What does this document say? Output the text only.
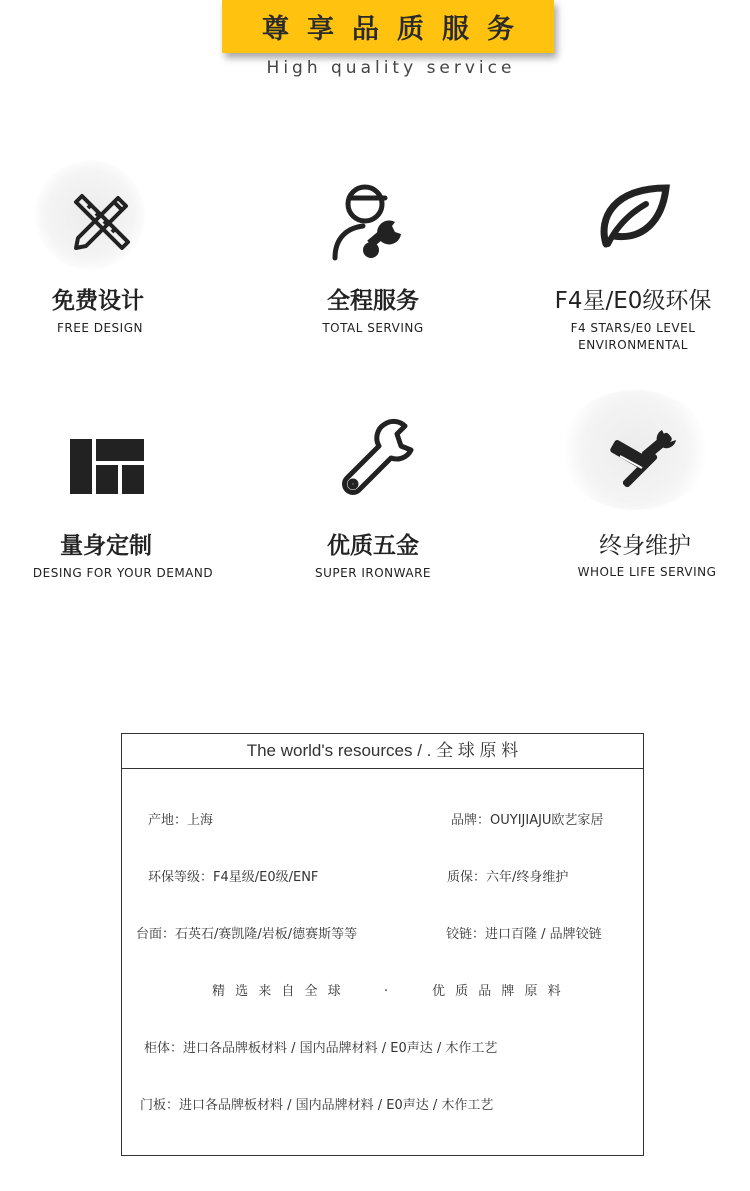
尊享品质服务
High quality service
免费设计
FREE DESIGN
全程服务
TOTAL SERVING
F4星/E0级环保
F4 STARS/E0 LEVEL
ENVIRONMENTAL
量身定制
DESING FOR YOUR DEMAND
优质五金
SUPER IRONWARE
终身维护
WHOLE LIFE SERVING
The world's resources / . 全 球 原 料
产地：上海	品牌：OUYIJIAJU欧艺家居
环保等级：F4星级/E0级/ENF	质保：六年/终身维护
台面：石英石/赛凯隆/岩板/德赛斯等等	铰链：进口百隆 / 品牌铰链
精 选 来 自 全 球	.	优 质 品 牌 原 料
柜体：进口各品牌板材料 / 国内品牌材料 / E0声达 / 木作工艺
门板：进口各品牌板材料 / 国内品牌材料 / E0声达 / 木作工艺
